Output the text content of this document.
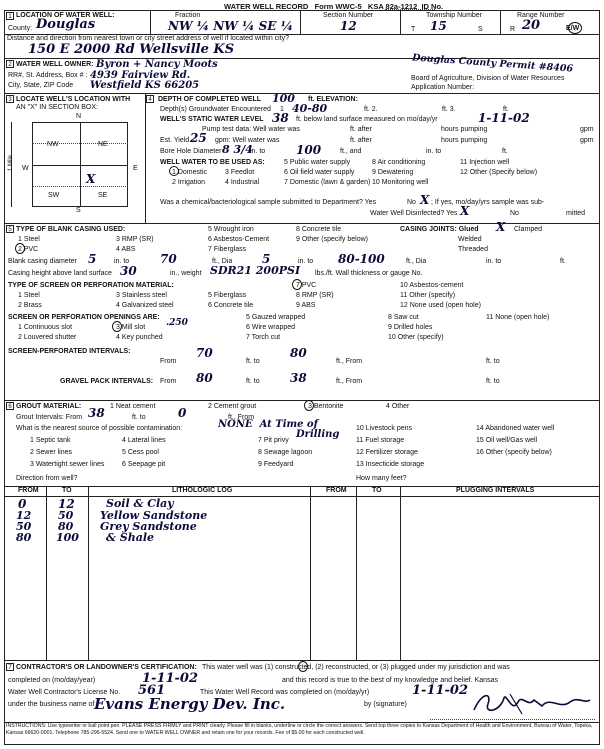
WATER WELL RECORD Form WWC-5 KSA 82a-1212 ID No.
1 LOCATION OF WATER WELL:	Fraction	Section Number	Township Number	Range Number
County: Douglas	NW ¼ NW ¼ SE ¼	12	T 15	S	R 20	E/W
Distance and direction from nearest town or city street address of well if located within city?
150 E 2000 Rd Wellsville KS
2 WATER WELL OWNER: Byron + Nancy Moots
RR#, St. Address, Box # : 4939 Fairview Rd.
City, State, ZIP Code Westfield KS 66205
Douglas County Permit #8406
Board of Agriculture, Division of Water Resources
Application Number:
3 LOCATE WELL'S LOCATION WITH
AN "X" IN SECTION BOX:
N
S
W	E
1 Mile
NW	NE
SW	SE
X
4 DEPTH OF COMPLETED WELL 100 ft. ELEVATION:
Depth(s) Groundwater Encountered 1 40-80	ft. 2.	ft. 3.	ft.
WELL'S STATIC WATER LEVEL 38 ft. below land surface measured on mo/day/yr	1-11-02
Pump test data: Well water was	ft. after	hours pumping	gpm
Est. Yield 25 gpm: Well water was	ft. after	hours pumping	gpm
Bore Hole Diameter 8 3/4
in. to	100	ft., and	in. to	ft.
WELL WATER TO BE USED AS:	5 Public water supply	8 Air conditioning	11 Injection well
1 Domestic	3 Feedlot	6 Oil field water supply	9 Dewatering	12 Other (Specify below)
2 Irrigation	4 Industrial	7 Domestic (lawn & garden) 10 Monitoring well
Was a chemical/bacteriological sample submitted to Department? Yes	No X ; If yes, mo/day/yrs sample was sub-
mitted
Water Well Disinfected? Yes X	No
5 TYPE OF BLANK CASING USED:	5 Wrought iron	8 Concrete tile	CASING JOINTS: Glued X Clamped
1 Steel	3 RMP (SR)	6 Asbestos-Cement	9 Other (specify below)	Welded
2 PVC	4 ABS	7 Fiberglass	Threaded
Blank casing diameter 5	in. to	70	ft., Dia 5	in. to 80-100	ft., Dia	in. to	ft.
Casing height above land surface 30	in., weight SDR21 200PSI lbs./ft. Wall thickness or gauge No.
TYPE OF SCREEN OR PERFORATION MATERIAL:	7 PVC	10 Asbestos-cement
1 Steel	3 Stainless steel	5 Fiberglass	8 RMP (SR)	11 Other (specify)
2 Brass	4 Galvanized steel	6 Concrete tile	9 ABS	12 None used (open hole)
SCREEN OR PERFORATION OPENINGS ARE:	5 Gauzed wrapped	8 Saw cut	11 None (open hole)
1 Continuous slot	3 Mill slot .250	6 Wire wrapped	9 Drilled holes
2 Louvered shutter	4 Key punched	7 Torch cut	10 Other (specify)
SCREEN-PERFORATED INTERVALS:
From
70
ft. to
80
ft., From	ft. to
GRAVEL PACK INTERVALS: From 80	ft. to	38	ft., From	ft. to
6 GROUT MATERIAL:	1 Neat cement	2 Cement grout	3 Bentonite	4 Other
Grout Intervals: From 38	ft. to	0	ft., From
What is the nearest source of possible contamination:	NONE  At Time of
Drilling
10 Livestock pens	14 Abandoned water well
1 Septic tank	4 Lateral lines	7 Pit privy	11 Fuel storage	15 Oil well/Gas well
2 Sewer lines	5 Cess pool	8 Sewage lagoon	12 Fertilizer storage	16 Other (specify below)
3 Watertight sewer lines	6 Seepage pit	9 Feedyard	13 Insecticide storage
Direction from well?	How many feet?
FROM	TO	LITHOLOGIC LOG	FROM	TO	PLUGGING INTERVALS
0	12	Soil & Clay
12 50 Yellow Sandstone
50 80 Grey Sandstone
80 100 & Shale
7 CONTRACTOR'S OR LANDOWNER'S CERTIFICATION: This water well was (1) constructed, (2) reconstructed, or (3) plugged under my jurisdiction and was
completed on (mo/day/year)	1-11-02	and this record is true to the best of my knowledge and belief. Kansas
Water Well Contractor's License No. 561	This Water Well Record was completed on (mo/day/yr)	1-11-02
under the business name of Evans Energy Dev. Inc.	by (signature)
INSTRUCTIONS: Use typewriter or ball point pen. PLEASE PRESS FIRMLY and PRINT clearly. Please fill in blanks, underline or circle the correct answers. Send top three copies to Kansas Department of Health and Environment, Bureau of Water, Topeka, Kansas 66620-0001. Telephone 785-296-5524. Send one to WATER WELL OWNER and retain one for your records. Fee of $5.00 for each constructed well.
